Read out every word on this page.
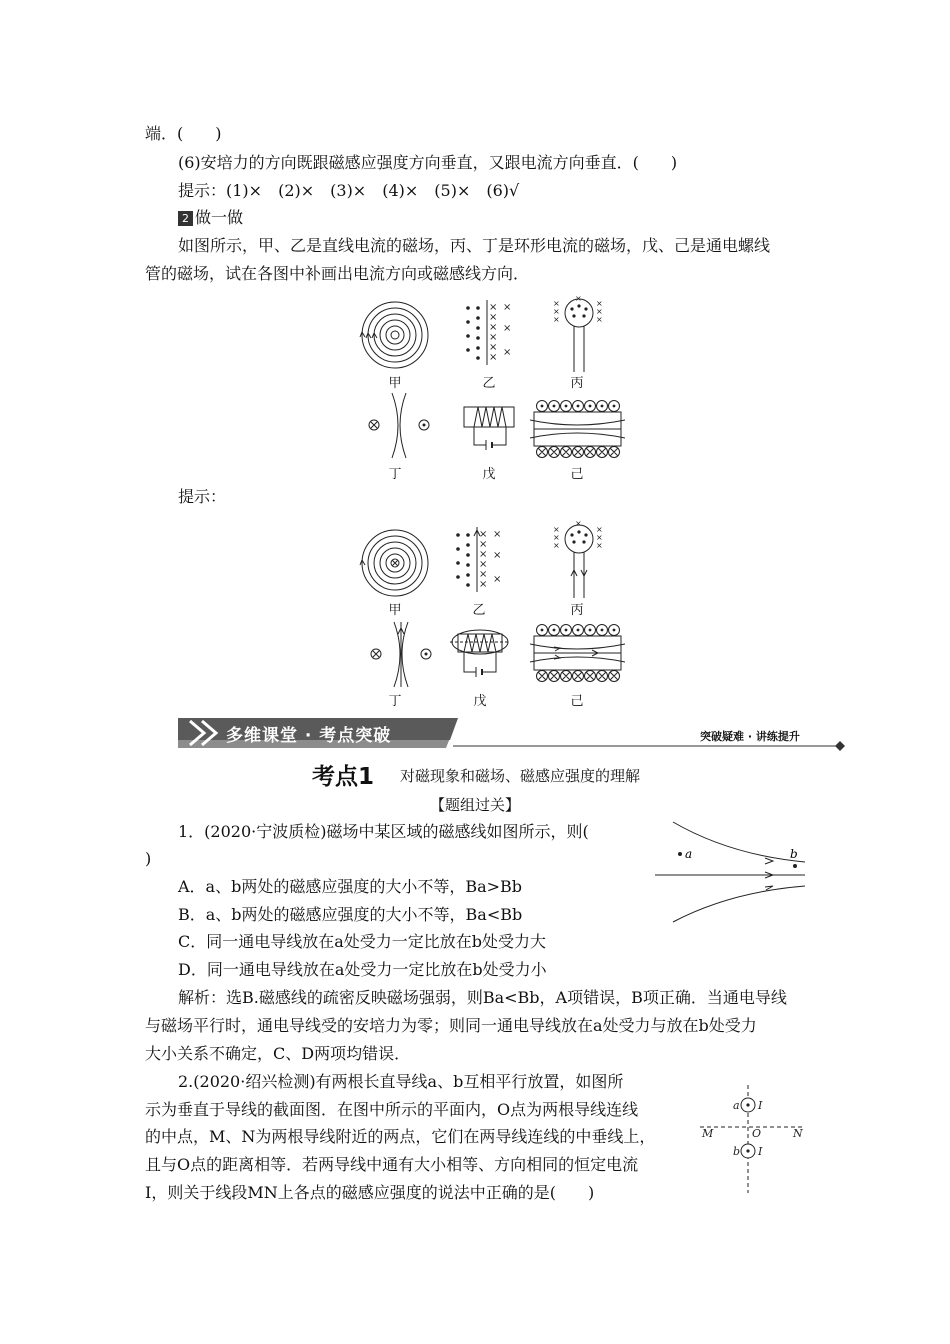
端．(　　)
(6)安培力的方向既跟磁感应强度方向垂直，又跟电流方向垂直．(　　)
提示：(1)×　(2)×　(3)×　(4)×　(5)×　(6)√
2 做一做
如图所示，甲、乙是直线电流的磁场，丙、丁是环形电流的磁场，戊、己是通电螺线
管的磁场，试在各图中补画出电流方向或磁感线方向．
甲
×
×
×
×
×
×
×
×
×
乙
×
×
×
×
×
×
×
丙
丁	戊	己
提示：
甲
×
×
×
×
×
×
×
×
×
乙
×
×
×
×
×
×
×
丙
丁	戊	己
多维课堂 · 考点突破	突破疑难 · 讲练提升
考点1 对磁现象和磁场、磁感应强度的理解
【题组过关】
1．(2020·宁波质检)磁场中某区域的磁感线如图所示，则(
)
A．a、b两处的磁感应强度的大小不等，Ba>Bb
B．a、b两处的磁感应强度的大小不等，Ba<Bb
C．同一通电导线放在a处受力一定比放在b处受力大
D．同一通电导线放在a处受力一定比放在b处受力小
解析：选B.磁感线的疏密反映磁场强弱，则Ba<Bb，A项错误，B项正确．当通电导线
与磁场平行时，通电导线受的安培力为零；则同一通电导线放在a处受力与放在b处受力
大小关系不确定，C、D两项均错误．
a	b
2.(2020·绍兴检测)有两根长直导线a、b互相平行放置，如图所
示为垂直于导线的截面图．在图中所示的平面内，O点为两根导线连线
的中点，M、N为两根导线附近的两点，它们在两导线连线的中垂线上，
且与O点的距离相等．若两导线中通有大小相等、方向相同的恒定电流
I，则关于线段MN上各点的磁感应强度的说法中正确的是(　　)
a I
b I
M	O	N
